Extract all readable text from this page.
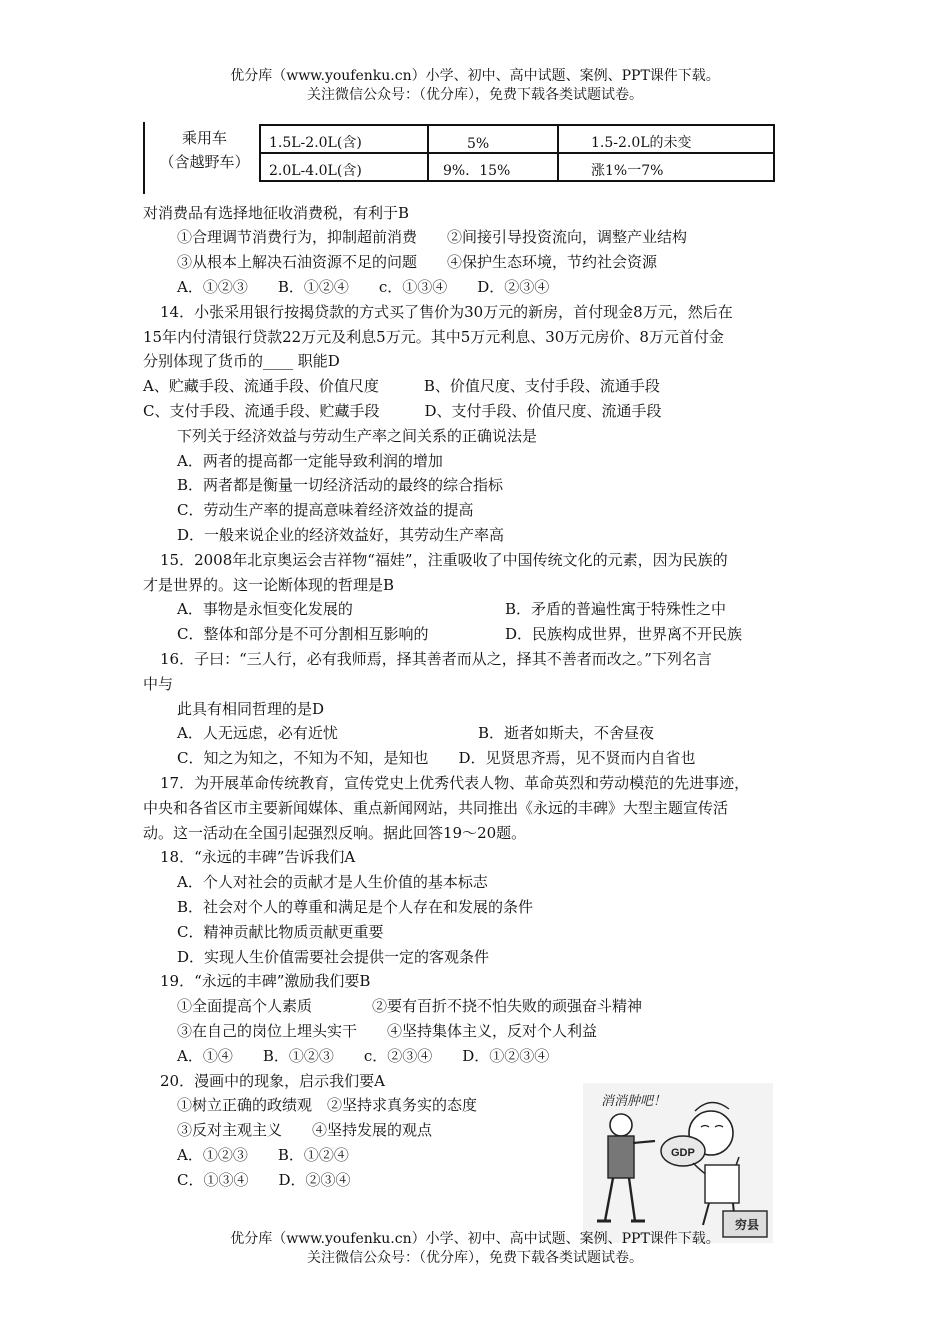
优分库（www.youfenku.cn）小学、初中、高中试题、案例、PPT课件下载。
关注微信公众号：（优分库），免费下载各类试题试卷。
乘用车
（含越野车）
1.5L-2.0L(含)	5%	1.5-2.0L的未变
2.0L-4.0L(含)	9%．15%	涨1%一7%
对消费品有选择地征收消费税，有利于B
①合理调节消费行为，抑制超前消费　　②间接引导投资流向，调整产业结构
③从根本上解决石油资源不足的问题　　④保护生态环境，节约社会资源
A．①②③　　B．①②④　　c．①③④　　D．②③④
14．小张采用银行按揭贷款的方式买了售价为30万元的新房，首付现金8万元，然后在
15年内付清银行贷款22万元及利息5万元。其中5万元利息、30万元房价、8万元首付金
分别体现了货币的____ 职能D
A、贮藏手段、流通手段、价值尺度　　　B、价值尺度、支付手段、流通手段
C、支付手段、流通手段、贮藏手段　　　D、支付手段、价值尺度、流通手段
下列关于经济效益与劳动生产率之间关系的正确说法是
A．两者的提高都一定能导致利润的增加
B．两者都是衡量一切经济活动的最终的综合指标
C．劳动生产率的提高意味着经济效益的提高
D．一般来说企业的经济效益好，其劳动生产率高
15．2008年北京奥运会吉祥物“福娃”，注重吸收了中国传统文化的元素，因为民族的
才是世界的。这一论断体现的哲理是B
A．事物是永恒变化发展的	B．矛盾的普遍性寓于特殊性之中
C．整体和部分是不可分割相互影响的	D．民族构成世界，世界离不开民族
16．子曰：“三人行，必有我师焉，择其善者而从之，择其不善者而改之。”下列名言
中与
此具有相同哲理的是D
A．人无远虑，必有近忧	B．逝者如斯夫，不舍昼夜
C．知之为知之，不知为不知，是知也　　D．见贤思齐焉，见不贤而内自省也
17．为开展革命传统教育，宣传党史上优秀代表人物、革命英烈和劳动模范的先进事迹，
中央和各省区市主要新闻媒体、重点新闻网站，共同推出《永远的丰碑》大型主题宣传活
动。这一活动在全国引起强烈反响。据此回答19～20题。
18．“永远的丰碑”告诉我们A
A．个人对社会的贡献才是人生价值的基本标志
B．社会对个人的尊重和满足是个人存在和发展的条件
C．精神贡献比物质贡献更重要
D．实现人生价值需要社会提供一定的客观条件
19．“永远的丰碑”激励我们要B
①全面提高个人素质　　　　②要有百折不挠不怕失败的顽强奋斗精神
③在自己的岗位上埋头实干　　④坚持集体主义，反对个人利益
A．①④　　B．①②③　　c．②③④　　D．①②③④
20．漫画中的现象，启示我们要A
①树立正确的政绩观　②坚持求真务实的态度
③反对主观主义　　④坚持发展的观点
A．①②③　　B．①②④
C．①③④　　D．②③④
消消肿吧！
GDP
穷县
优分库（www.youfenku.cn）小学、初中、高中试题、案例、PPT课件下载。
关注微信公众号：（优分库），免费下载各类试题试卷。
